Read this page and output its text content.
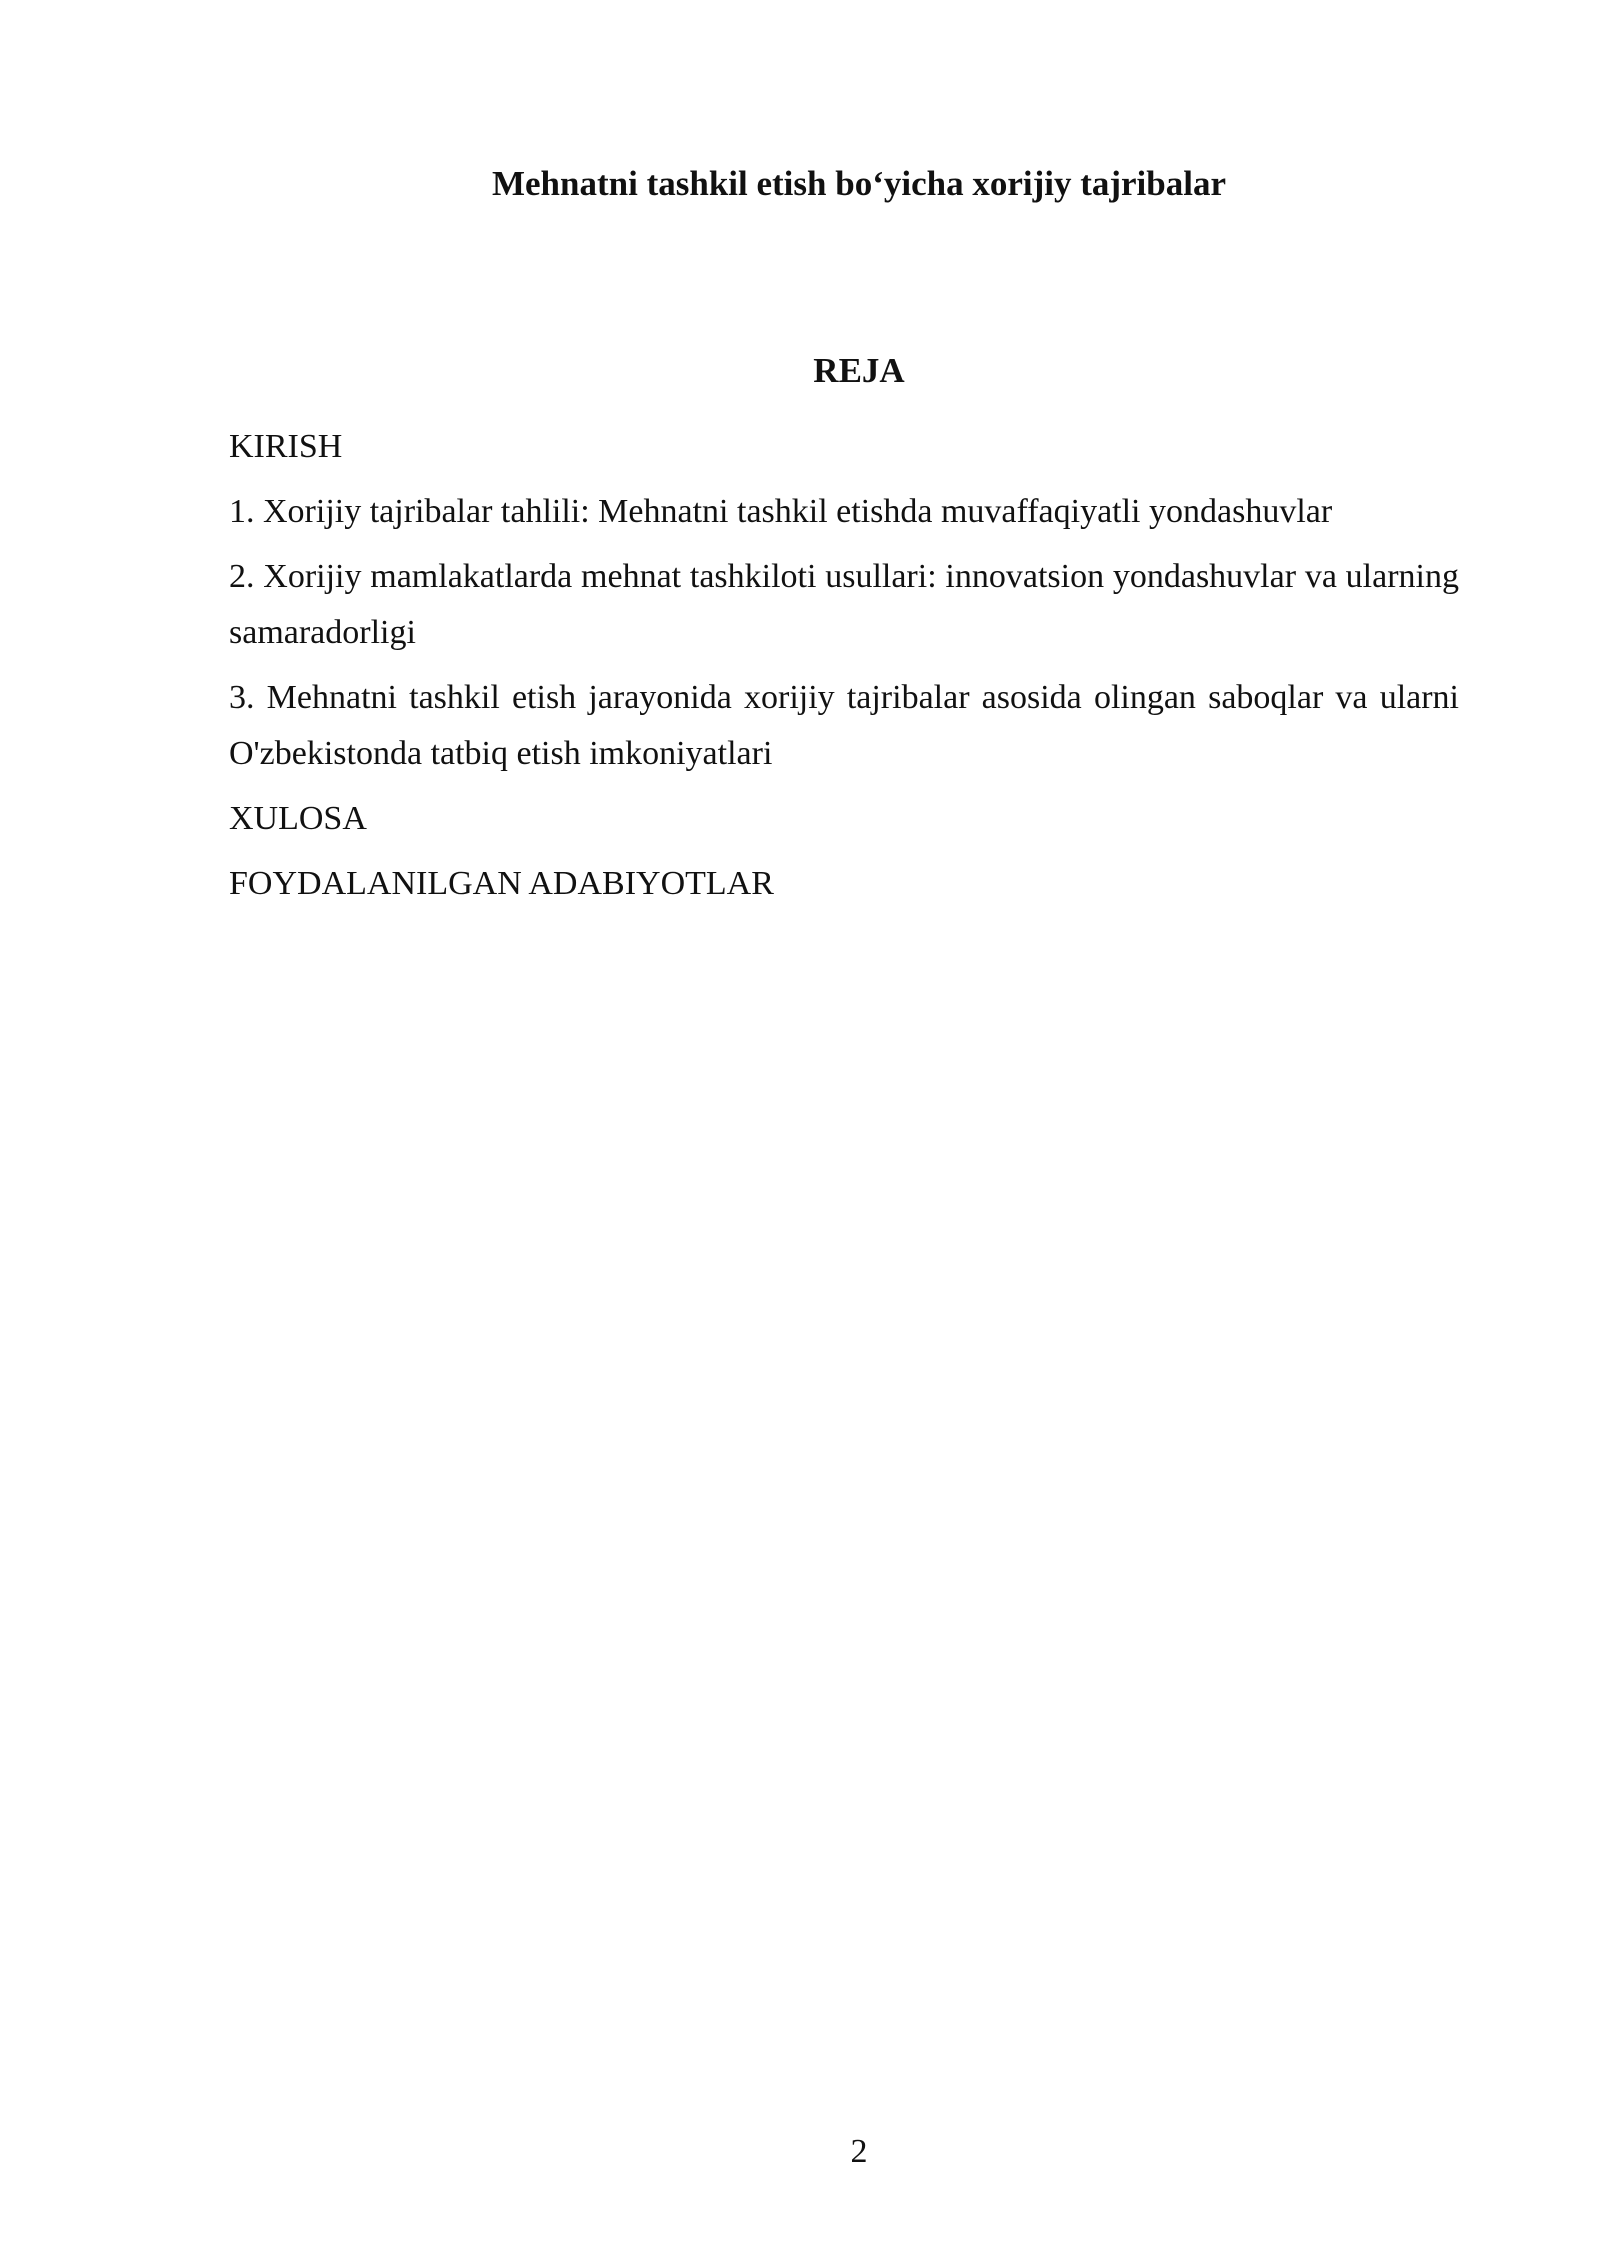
Mehnatni tashkil etish bo‘yicha xorijiy tajribalar
REJA
KIRISH
1. Xorijiy tajribalar tahlili: Mehnatni tashkil etishda muvaffaqiyatli yondashuvlar
2. Xorijiy mamlakatlarda mehnat tashkiloti usullari: innovatsion yondashuvlar va ularning samaradorligi
3. Mehnatni tashkil etish jarayonida xorijiy tajribalar asosida olingan saboqlar va ularni O'zbekistonda tatbiq etish imkoniyatlari
XULOSA
FOYDALANILGAN ADABIYOTLAR
2
